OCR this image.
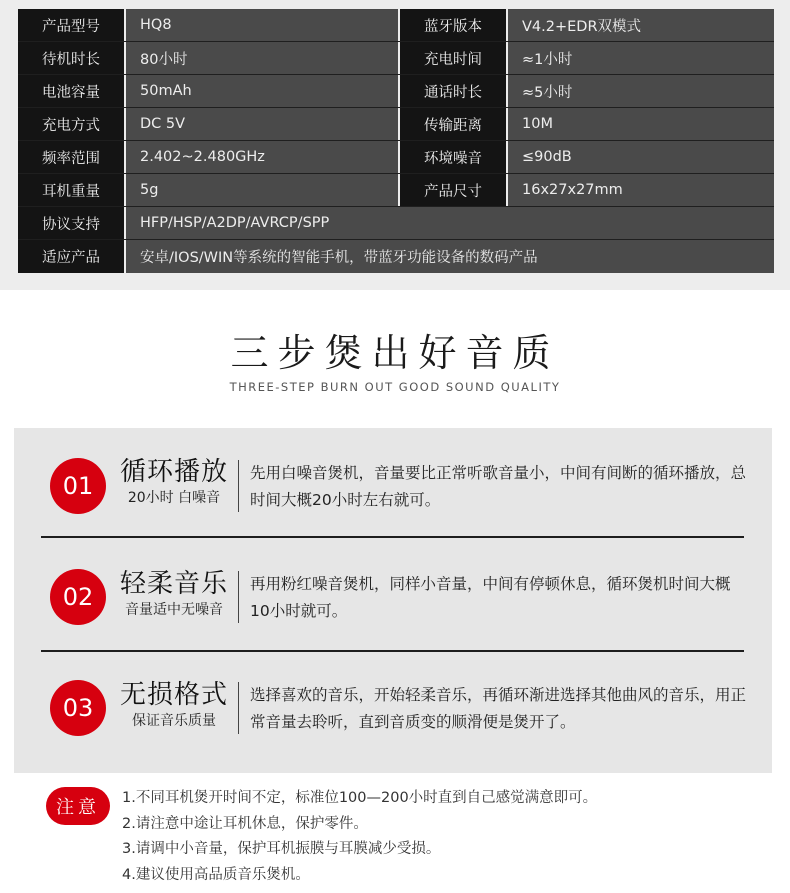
产品型号	HQ8	蓝牙版本	V4.2+EDR双模式
待机时长	80小时	充电时间	≈1小时
电池容量	50mAh	通话时长	≈5小时
充电方式	DC 5V	传输距离	10M
频率范围	2.402~2.480GHz	环境噪音	≤90dB
耳机重量	5g	产品尺寸	16x27x27mm
协议支持	HFP/HSP/A2DP/AVRCP/SPP
适应产品	安卓/IOS/WIN等系统的智能手机，带蓝牙功能设备的数码产品
三步煲出好音质
THREE-STEP BURN OUT GOOD SOUND QUALITY
01	循环播放
20小时 白噪音
先用白噪音煲机，音量要比正常听歌音量小，中间有间断的循环播放，总时间大概20小时左右就可。
02	轻柔音乐
音量适中无噪音
再用粉红噪音煲机，同样小音量，中间有停顿休息，循环煲机时间大概10小时就可。
03	无损格式
保证音乐质量
选择喜欢的音乐，开始轻柔音乐，再循环渐进选择其他曲风的音乐，用正常音量去聆听，直到音质变的顺滑便是煲开了。
注意	1.不同耳机煲开时间不定，标准位100—200小时直到自己感觉满意即可。
2.请注意中途让耳机休息，保护零件。
3.请调中小音量，保护耳机振膜与耳膜减少受损。
4.建议使用高品质音乐煲机。
